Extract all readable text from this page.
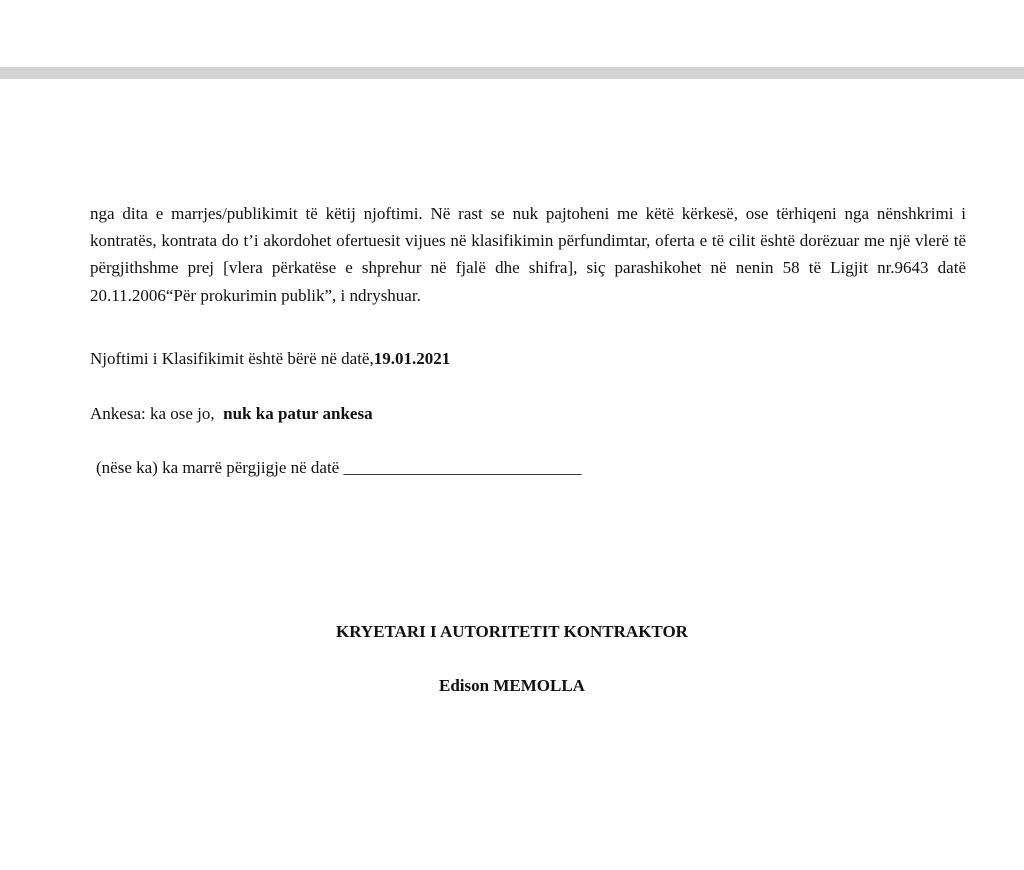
nga dita e marrjes/publikimit të këtij njoftimi. Në rast se nuk pajtoheni me këtë kërkesë, ose tërhiqeni nga nënshkrimi i kontratës, kontrata do t’i akordohet ofertuesit vijues në klasifikimin përfundimtar, oferta e të cilit është dorëzuar me një vlerë të përgjithshme prej [vlera përkatëse e shprehur në fjalë dhe shifra], siç parashikohet në nenin 58 të Ligjit nr.9643 datë 20.11.2006“Për prokurimin publik”, i ndryshuar.

Njoftimi i Klasifikimit është bërë në datë,19.01.2021

Ankesa: ka ose jo, nuk ka patur ankesa

(nëse ka) ka marrë përgjigje në datë ____________________________

KRYETARI I AUTORITETIT KONTRAKTOR

Edison MEMOLLA
